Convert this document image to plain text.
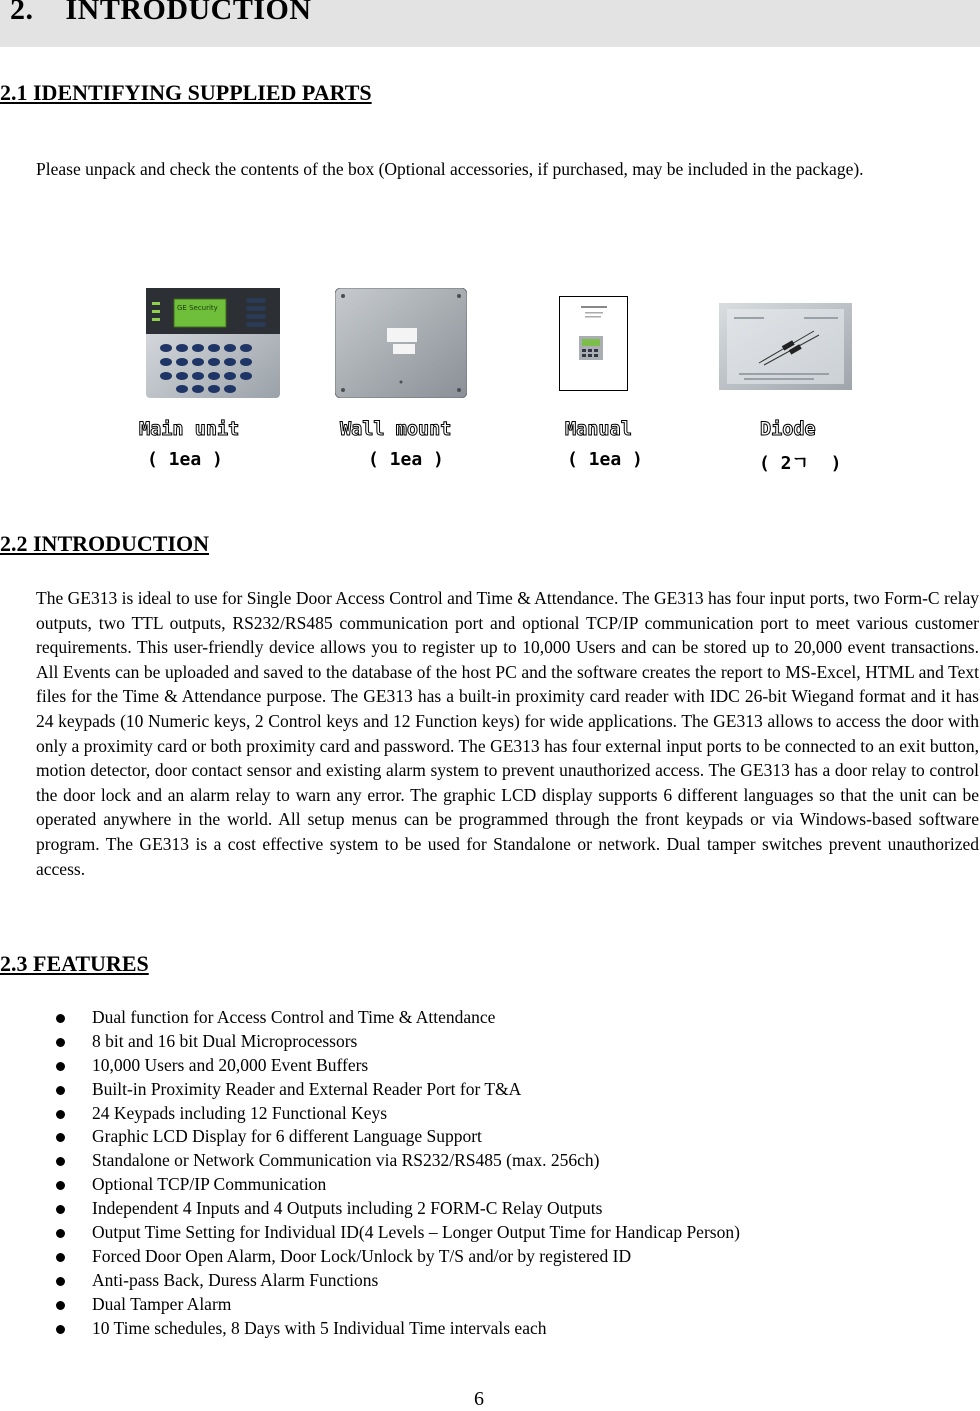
2. INTRODUCTION
2.1 IDENTIFYING SUPPLIED PARTS

Please unpack and check the contents of the box (Optional accessories, if purchased, may be included in the package).

GE Security

Main unit

( 1ea )

Wall mount

( 1ea )

Manual

( 1ea )

Diode

( 2ㄱ  )

2.2 INTRODUCTION

The GE313 is ideal to use for Single Door Access Control and Time & Attendance. The GE313 has four input ports, two Form-C relay outputs, two TTL outputs, RS232/RS485 communication port and optional TCP/IP communication port to meet various customer requirements. This user-friendly device allows you to register up to 10,000 Users and can be stored up to 20,000 event transactions. All Events can be uploaded and saved to the database of the host PC and the software creates the report to MS-Excel, HTML and Text files for the Time & Attendance purpose. The GE313 has a built-in proximity card reader with IDC 26-bit Wiegand format and it has 24 keypads (10 Numeric keys, 2 Control keys and 12 Function keys) for wide applications. The GE313 allows to access the door with only a proximity card or both proximity card and password. The GE313 has four external input ports to be connected to an exit button, motion detector, door contact sensor and existing alarm system to prevent unauthorized access. The GE313 has a door relay to control the door lock and an alarm relay to warn any error. The graphic LCD display supports 6 different languages so that the unit can be operated anywhere in the world. All setup menus can be programmed through the front keypads or via Windows-based software program. The GE313 is a cost effective system to be used for Standalone or network. Dual tamper switches prevent unauthorized access.

2.3 FEATURES
Dual function for Access Control and Time & Attendance
8 bit and 16 bit Dual Microprocessors
10,000 Users and 20,000 Event Buffers
Built-in Proximity Reader and External Reader Port for T&A
24 Keypads including 12 Functional Keys
Graphic LCD Display for 6 different Language Support
Standalone or Network Communication via RS232/RS485 (max. 256ch)
Optional TCP/IP Communication
Independent 4 Inputs and 4 Outputs including 2 FORM-C Relay Outputs
Output Time Setting for Individual ID(4 Levels – Longer Output Time for Handicap Person)
Forced Door Open Alarm, Door Lock/Unlock by T/S and/or by registered ID
Anti-pass Back, Duress Alarm Functions
Dual Tamper Alarm
10 Time schedules, 8 Days with 5 Individual Time intervals each

6
